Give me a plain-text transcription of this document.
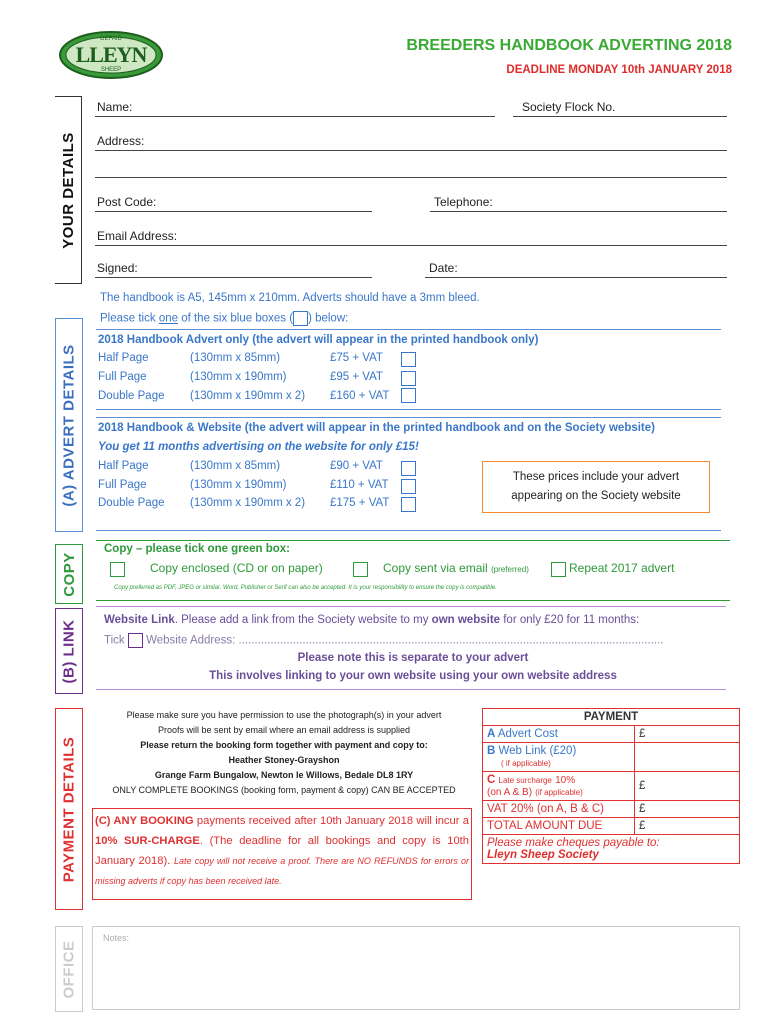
DEFAID
LLEYN
SHEEP
BREEDERS HANDBOOK ADVERTING 2018
DEADLINE MONDAY 10th JANUARY 2018
YOUR DETAILS
(A) ADVERT DETAILS
COPY
(B) LINK
PAYMENT DETAILS
OFFICE
Name:	Society Flock No.
Address:
Post Code:	Telephone:
Email Address:
Signed:	Date:
The handbook is A5, 145mm x 210mm. Adverts should have a 3mm bleed.
Please tick one of the six blue boxes ( ) below:
2018 Handbook Advert only (the advert will appear in the printed handbook only)
Half Page	(130mm x 85mm)	£75 + VAT
Full Page	(130mm x 190mm)	£95 + VAT
Double Page (130mm x 190mm x 2) £160 + VAT
2018 Handbook & Website (the advert will appear in the printed handbook and on the Society website)
You get 11 months advertising on the website for only £15!
Half Page	(130mm x 85mm)	£90 + VAT
Full Page	(130mm x 190mm)	£110 + VAT
Double Page (130mm x 190mm x 2) £175 + VAT
These prices include your advert
appearing on the Society website
Copy – please tick one green box:
Copy enclosed (CD or on paper)	Copy sent via email (preferred)	Repeat 2017 advert
Copy preferred as PDF, JPEG or similar. Word, Publisher or Serif can also be accepted. It is your responsibility to ensure the copy is compatible.
Website Link. Please add a link from the Society website to my own website for only £20 for 11 months:
Tick Website Address: .....................................................................................................................................
Please note this is separate to your advert
This involves linking to your own website using your own website address
Please make sure you have permission to use the photograph(s) in your advert
Proofs will be sent by email where an email address is supplied
Please return the booking form together with payment and copy to:
Heather Stoney-Grayshon
Grange Farm Bungalow, Newton le Willows, Bedale DL8 1RY
ONLY COMPLETE BOOKINGS (booking form, payment & copy) CAN BE ACCEPTED
(C) ANY BOOKING payments received after 10th January 2018 will incur a 10% SUR-CHARGE. (The deadline for all bookings and copy is 10th January 2018). Late copy will not receive a proof. There are NO REFUNDS for errors or missing adverts if copy has been received late.
PAYMENT	
A Advert Cost	£
B Web Link (£20)
( if applicable)	
C Late surcharge 10%
(on A & B) (if applicable)	£
VAT 20% (on A, B & C)	£
TOTAL AMOUNT DUE	£
Please make cheques payable to:
Lleyn Sheep Society	
Notes:
